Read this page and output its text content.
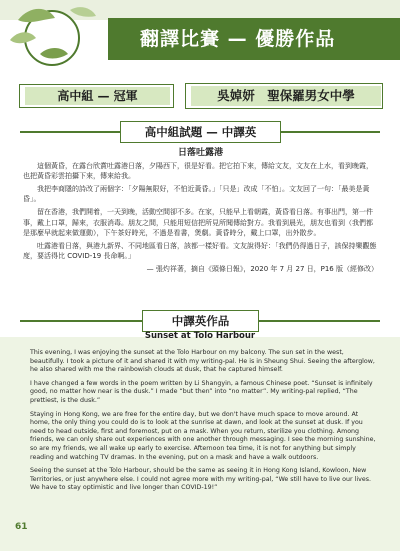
翻譯比賽 — 優勝作品
高中組 — 冠軍	吳婥妍　聖保羅男女中學
高中組試題 — 中譯英
日落吐露港

這個黃昏，在露台欣賞吐露港日落，夕陽西下，很是好看。把它拍下來，傳給文友，文友在上水，看到晚霞，也把黃昏彩雲拍攝下來，傳來給我。

我把李商隱的詩改了兩個字：「夕陽無限好，不怕近黃昏。」「只是」改成「不怕」。文友回了一句：「最美是黃昏」。

留在香港，我們開着，一天到晚，活動空間卻不多。在家，只能早上看朝霞，黃昏看日落。有事出門，第一件事，戴上口罩，歸來，衣服消毒。朋友之間，只能用短信把所見所聞傳給對方。我看到晨光，朋友也看到（我們都是那麼早就起來做運動），下午茶好時光，不過是看書，煲劇。黃昏時分，戴上口罩，出外散步。

吐露港看日落，與港九新界、不同地區看日落，該都一樣好看。文友說得好：「我們仍得過日子，該保持樂觀態度，要活得比 COVID-19 長命啊。」

— 張灼祥著，摘自《頭條日報》，2020 年 7 月 27 日，P16 版（經修改）

中譯英作品
Sunset at Tolo Harbour

This evening, I was enjoying the sunset at the Tolo Harbour on my balcony. The sun set in the west, beautifully. I took a picture of it and shared it with my writing-pal. He is in Sheung Shui. Seeing the afterglow, he also shared with me the rainbowish clouds at dusk, that he captured himself.

I have changed a few words in the poem written by Li Shangyin, a famous Chinese poet. “Sunset is infinitely good, no matter how near is the dusk.” I made “but then” into “no matter”. My writing-pal replied, “The prettiest, is the dusk.”

Staying in Hong Kong, we are free for the entire day, but we don't have much space to move around. At home, the only thing you could do is to look at the sunrise at dawn, and look at the sunset at dusk. If you need to head outside, first and foremost, put on a mask. When you return, sterilize you clothing. Among friends, we can only share out experiences with one another through messaging. I see the morning sunshine, so are my friends, we all wake up early to exercise. Afternoon tea time, it is not for anything but simply reading and watching TV dramas. In the evening, put on a mask and have a walk outdoors.

Seeing the sunset at the Tolo Harbour, should be the same as seeing it in Hong Kong Island, Kowloon, New Territories, or just anywhere else. I could not agree more with my writing-pal, “We still have to live our lives. We have to stay optimistic and live longer than COVID-19!”

61
